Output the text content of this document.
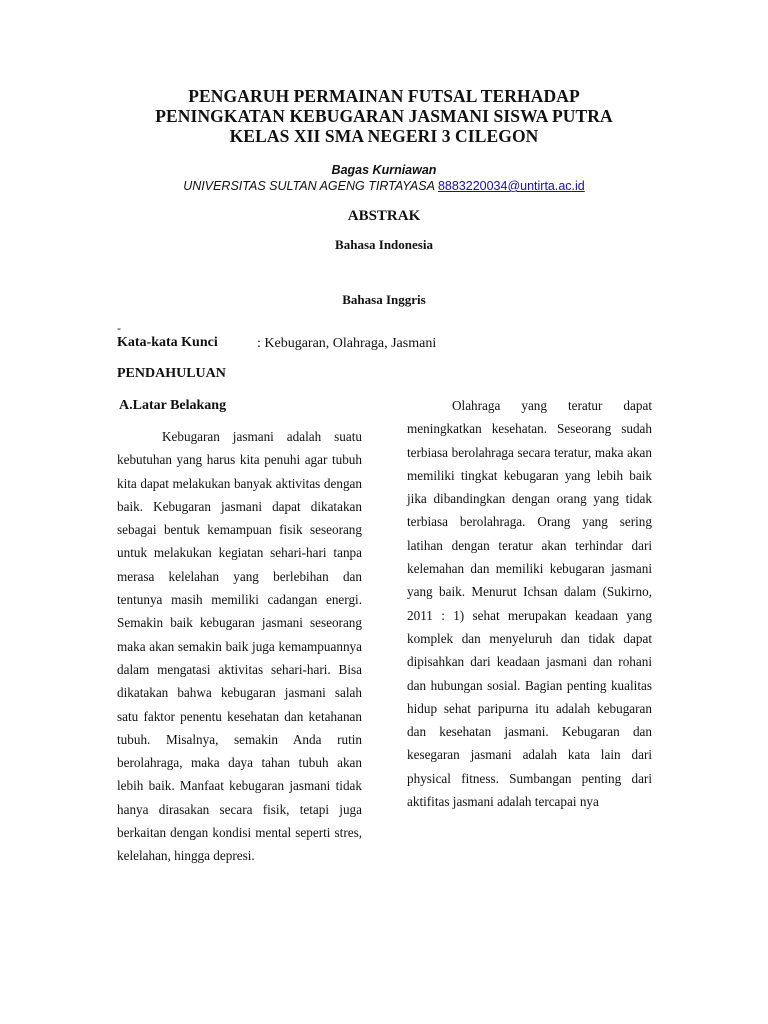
PENGARUH PERMAINAN FUTSAL TERHADAP
PENINGKATAN KEBUGARAN JASMANI SISWA PUTRA
KELAS XII SMA NEGERI 3 CILEGON
Bagas Kurniawan
UNIVERSITAS SULTAN AGENG TIRTAYASA 8883220034@untirta.ac.id
ABSTRAK
Bahasa Indonesia
Bahasa Inggris
-
Kata-kata Kunci	: Kebugaran, Olahraga, Jasmani
PENDAHULUAN
A.Latar Belakang

Kebugaran jasmani adalah suatu kebutuhan yang harus kita penuhi agar tubuh kita dapat melakukan banyak aktivitas dengan baik. Kebugaran jasmani dapat dikatakan sebagai bentuk kemampuan fisik seseorang untuk melakukan kegiatan sehari-hari tanpa merasa kelelahan yang berlebihan dan tentunya masih memiliki cadangan energi. Semakin baik kebugaran jasmani seseorang maka akan semakin baik juga kemampuannya dalam mengatasi aktivitas sehari-hari. Bisa dikatakan bahwa kebugaran jasmani salah satu faktor penentu kesehatan dan ketahanan tubuh. Misalnya, semakin Anda rutin berolahraga, maka daya tahan tubuh akan lebih baik. Manfaat kebugaran jasmani tidak hanya dirasakan secara fisik, tetapi juga berkaitan dengan kondisi mental seperti stres, kelelahan, hingga depresi.

Olahraga yang teratur dapat meningkatkan kesehatan. Seseorang sudah terbiasa berolahraga secara teratur, maka akan memiliki tingkat kebugaran yang lebih baik jika dibandingkan dengan orang yang tidak terbiasa berolahraga. Orang yang sering latihan dengan teratur akan terhindar dari kelemahan dan memiliki kebugaran jasmani yang baik. Menurut Ichsan dalam (Sukirno, 2011 : 1) sehat merupakan keadaan yang komplek dan menyeluruh dan tidak dapat dipisahkan dari keadaan jasmani dan rohani dan hubungan sosial. Bagian penting kualitas hidup sehat paripurna itu adalah kebugaran dan kesehatan jasmani. Kebugaran dan kesegaran jasmani adalah kata lain dari physical fitness. Sumbangan penting dari aktifitas jasmani adalah tercapai nya
